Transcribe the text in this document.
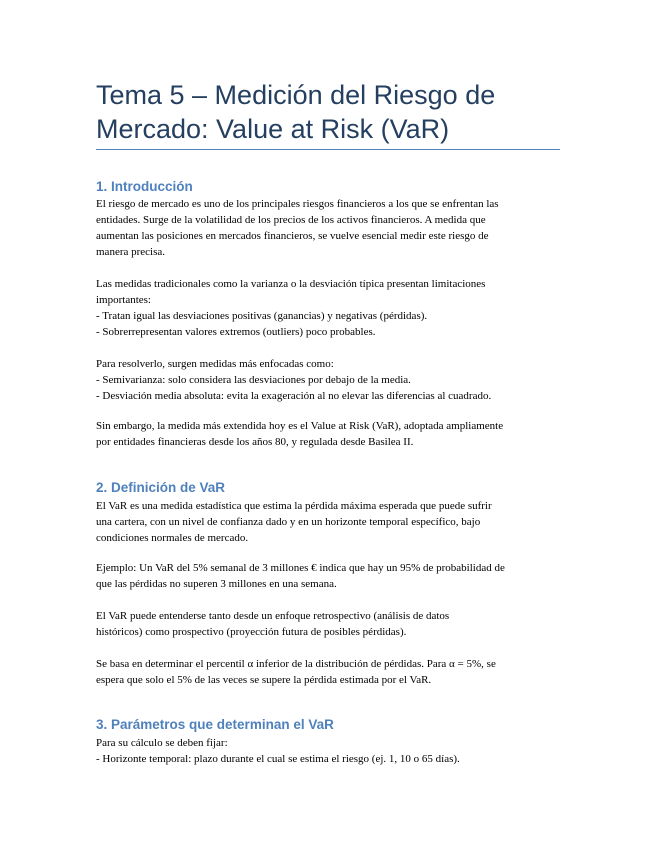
Tema 5 – Medición del Riesgo de
Mercado: Value at Risk (VaR)
1. Introducción

El riesgo de mercado es uno de los principales riesgos financieros a los que se enfrentan las
entidades. Surge de la volatilidad de los precios de los activos financieros. A medida que
aumentan las posiciones en mercados financieros, se vuelve esencial medir este riesgo de
manera precisa.

Las medidas tradicionales como la varianza o la desviación típica presentan limitaciones
importantes:
- Tratan igual las desviaciones positivas (ganancias) y negativas (pérdidas).
- Sobrerrepresentan valores extremos (outliers) poco probables.

Para resolverlo, surgen medidas más enfocadas como:
- Semivarianza: solo considera las desviaciones por debajo de la media.
- Desviación media absoluta: evita la exageración al no elevar las diferencias al cuadrado.

Sin embargo, la medida más extendida hoy es el Value at Risk (VaR), adoptada ampliamente
por entidades financieras desde los años 80, y regulada desde Basilea II.

2. Definición de VaR

El VaR es una medida estadística que estima la pérdida máxima esperada que puede sufrir
una cartera, con un nivel de confianza dado y en un horizonte temporal específico, bajo
condiciones normales de mercado.

Ejemplo: Un VaR del 5% semanal de 3 millones € indica que hay un 95% de probabilidad de
que las pérdidas no superen 3 millones en una semana.

El VaR puede entenderse tanto desde un enfoque retrospectivo (análisis de datos
históricos) como prospectivo (proyección futura de posibles pérdidas).

Se basa en determinar el percentil α inferior de la distribución de pérdidas. Para α = 5%, se
espera que solo el 5% de las veces se supere la pérdida estimada por el VaR.

3. Parámetros que determinan el VaR

Para su cálculo se deben fijar:
- Horizonte temporal: plazo durante el cual se estima el riesgo (ej. 1, 10 o 65 días).
